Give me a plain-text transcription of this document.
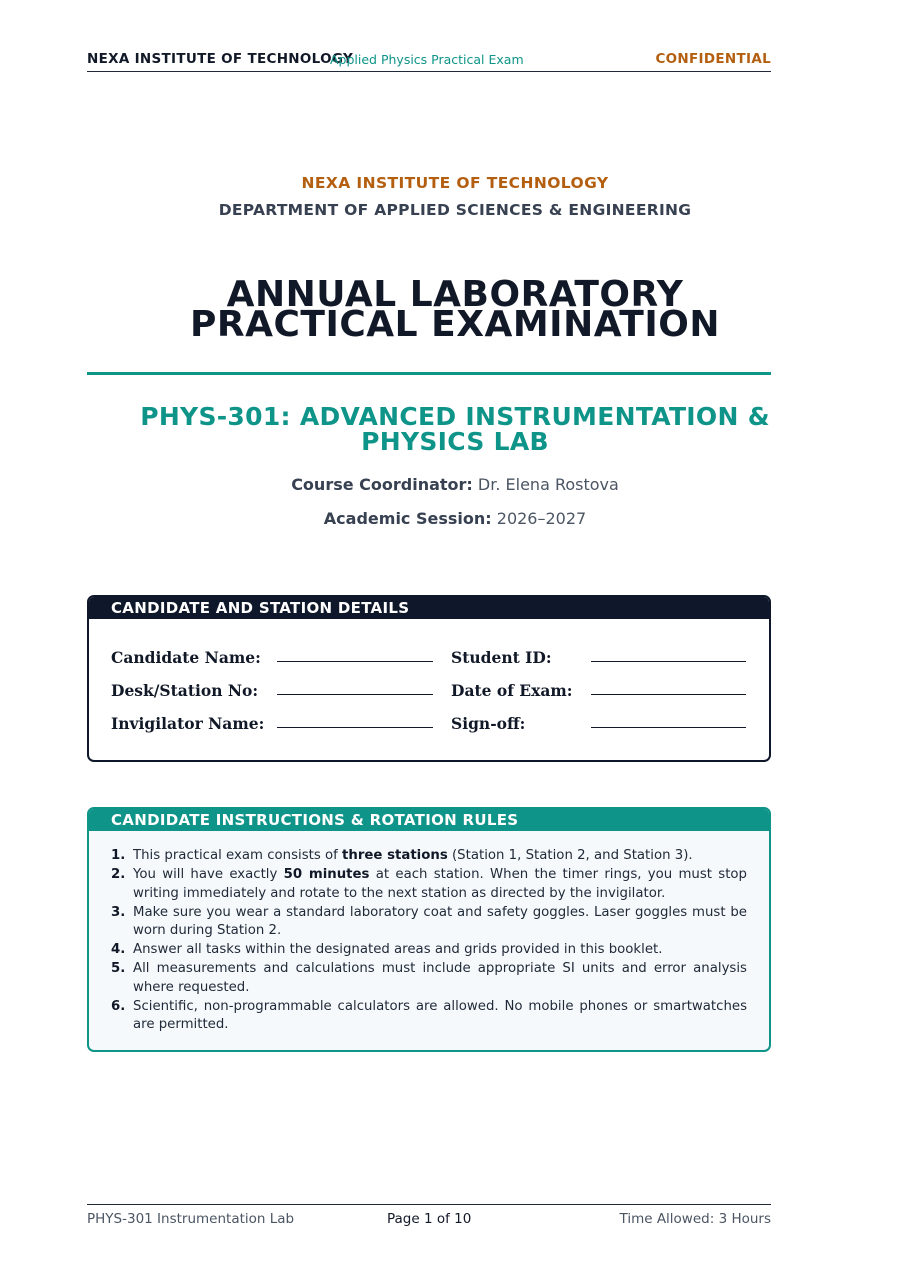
NEXA INSTITUTE OF TECHNOLOGY
Applied Physics Practical Exam	CONFIDENTIAL
NEXA INSTITUTE OF TECHNOLOGY
DEPARTMENT OF APPLIED SCIENCES & ENGINEERING
ANNUAL LABORATORY
PRACTICAL EXAMINATION
PHYS-301: ADVANCED INSTRUMENTATION &
PHYSICS LAB
Course Coordinator: Dr. Elena Rostova
Academic Session: 2026–2027
CANDIDATE AND STATION DETAILS
Candidate Name:	Student ID:
Desk/Station No:	Date of Exam:
Invigilator Name:	Sign-off:
CANDIDATE INSTRUCTIONS & ROTATION RULES
1. This practical exam consists of three stations (Station 1, Station 2, and Station 3).
2. You will have exactly 50 minutes at each station. When the timer rings, you must stop writing immediately and rotate to the next station as directed by the invigilator.
3. Make sure you wear a standard laboratory coat and safety goggles. Laser goggles must be worn during Station 2.
4. Answer all tasks within the designated areas and grids provided in this booklet.
5. All measurements and calculations must include appropriate SI units and error analysis where requested.
6. Scientific, non-programmable calculators are allowed. No mobile phones or smartwatches are permitted.
PHYS-301 Instrumentation Lab	Page 1 of 10	Time Allowed: 3 Hours
